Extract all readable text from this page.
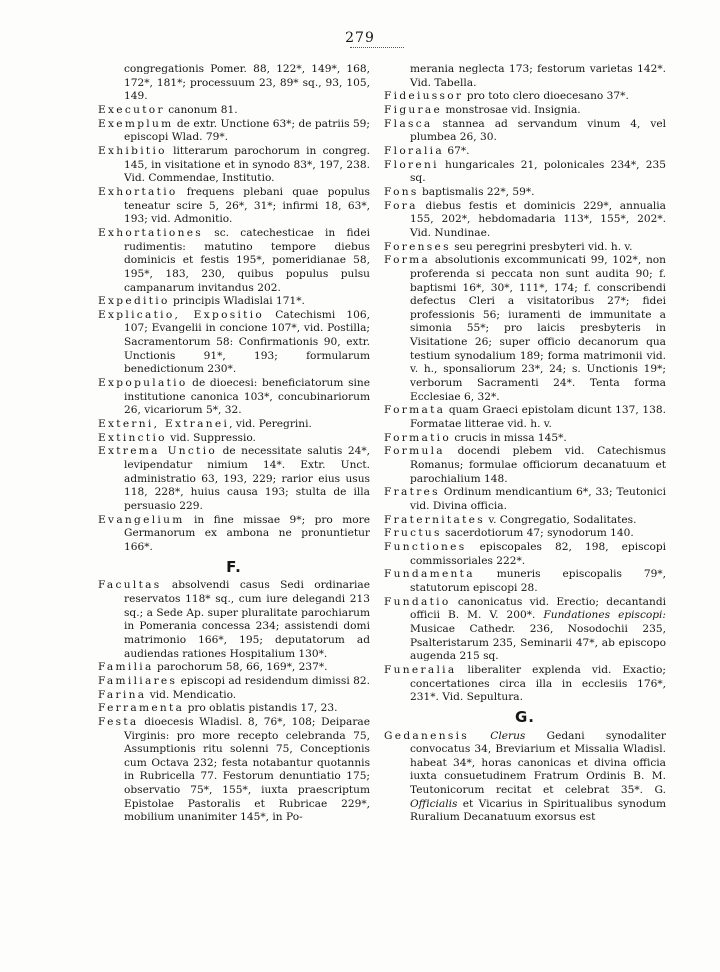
279

congregationis Pomer. 88, 122*, 149*, 168, 172*, 181*; processuum 23, 89* sq., 93, 105, 149.

Executor canonum 81.

Exemplum de extr. Unctione 63*; de patriis 59; episcopi Wlad. 79*.

Exhibitio litterarum parochorum in congreg. 145, in visitatione et in synodo 83*, 197, 238. Vid. Commendae, Institutio.

Exhortatio frequens plebani quae populus teneatur scire 5, 26*, 31*; infirmi 18, 63*, 193; vid. Admonitio.

Exhortationes sc. catechesticae in fidei rudimentis: matutino tempore diebus dominicis et festis 195*, pomeridianae 58, 195*, 183, 230, quibus populus pulsu campanarum invitandus 202.

Expeditio principis Wladislai 171*.

Explicatio, Expositio Catechismi 106, 107; Evangelii in concione 107*, vid. Postilla; Sacramentorum 58: Confirmationis 90, extr. Unctionis 91*, 193; formularum benedictionum 230*.

Expopulatio de dioecesi: beneficiatorum sine institutione canonica 103*, concubinariorum 26, vicariorum 5*, 32.

Externi, Extranei, vid. Peregrini.

Extinctio vid. Suppressio.

Extrema Unctio de necessitate salutis 24*, levipendatur nimium 14*. Extr. Unct. administratio 63, 193, 229; rarior eius usus 118, 228*, huius causa 193; stulta de illa persuasio 229.

Evangelium in fine missae 9*; pro more Germanorum ex ambona ne pronuntietur 166*.

F.

Facultas absolvendi casus Sedi ordinariae reservatos 118* sq., cum iure delegandi 213 sq.; a Sede Ap. super pluralitate parochiarum in Pomerania concessa 234; assistendi domi matrimonio 166*, 195; deputatorum ad audiendas rationes Hospitalium 130*.

Familia parochorum 58, 66, 169*, 237*.

Familiares episcopi ad residendum dimissi 82.

Farina vid. Mendicatio.

Ferramenta pro oblatis pistandis 17, 23.

Festa dioecesis Wladisl. 8, 76*, 108; Deiparae Virginis: pro more recepto celebranda 75, Assumptionis ritu solenni 75, Conceptionis cum Octava 232; festa notabantur quotannis in Rubricella 77. Festorum denuntiatio 175; observatio 75*, 155*, iuxta praescriptum Epistolae Pastoralis et Rubricae 229*, mobilium unanimiter 145*, in Po-

merania neglecta 173; festorum varietas 142*. Vid. Tabella.

Fideiussor pro toto clero dioecesano 37*.

Figurae monstrosae vid. Insignia.

Flasca stannea ad servandum vinum 4, vel plumbea 26, 30.

Floralia 67*.

Floreni hungaricales 21, polonicales 234*, 235 sq.

Fons baptismalis 22*, 59*.

Fora diebus festis et dominicis 229*, annualia 155, 202*, hebdomadaria 113*, 155*, 202*. Vid. Nundinae.

Forenses seu peregrini presbyteri vid. h. v.

Forma absolutionis excommunicati 99, 102*, non proferenda si peccata non sunt audita 90; f. baptismi 16*, 30*, 111*, 174; f. conscribendi defectus Cleri a visitatoribus 27*; fidei professionis 56; iuramenti de immunitate a simonia 55*; pro laicis presbyteris in Visitatione 26; super officio decanorum qua testium synodalium 189; forma matrimonii vid. v. h., sponsaliorum 23*, 24; s. Unctionis 19*; verborum Sacramenti 24*. Tenta forma Ecclesiae 6, 32*.

Formata quam Graeci epistolam dicunt 137, 138. Formatae litterae vid. h. v.

Formatio crucis in missa 145*.

Formula docendi plebem vid. Catechismus Romanus; formulae officiorum decanatuum et parochialium 148.

Fratres Ordinum mendicantium 6*, 33; Teutonici vid. Divina officia.

Fraternitates v. Congregatio, Sodalitates.

Fructus sacerdotiorum 47; synodorum 140.

Functiones episcopales 82, 198, episcopi commissoriales 222*.

Fundamenta muneris episcopalis 79*, statutorum episcopi 28.

Fundatio canonicatus vid. Erectio; decantandi officii B. M. V. 200*. Fundationes episcopi: Musicae Cathedr. 236, Nosodochii 235, Psalteristarum 235, Seminarii 47*, ab episcopo augenda 215 sq.

Funeralia liberaliter explenda vid. Exactio; concertationes circa illa in ecclesiis 176*, 231*. Vid. Sepultura.

G.

Gedanensis Clerus Gedani synodaliter convocatus 34, Breviarium et Missalia Wladisl. habeat 34*, horas canonicas et divina officia iuxta consuetudinem Fratrum Ordinis B. M. Teutonicorum recitat et celebrat 35*. G. Officialis et Vicarius in Spiritualibus synodum Ruralium Decanatuum exorsus est
